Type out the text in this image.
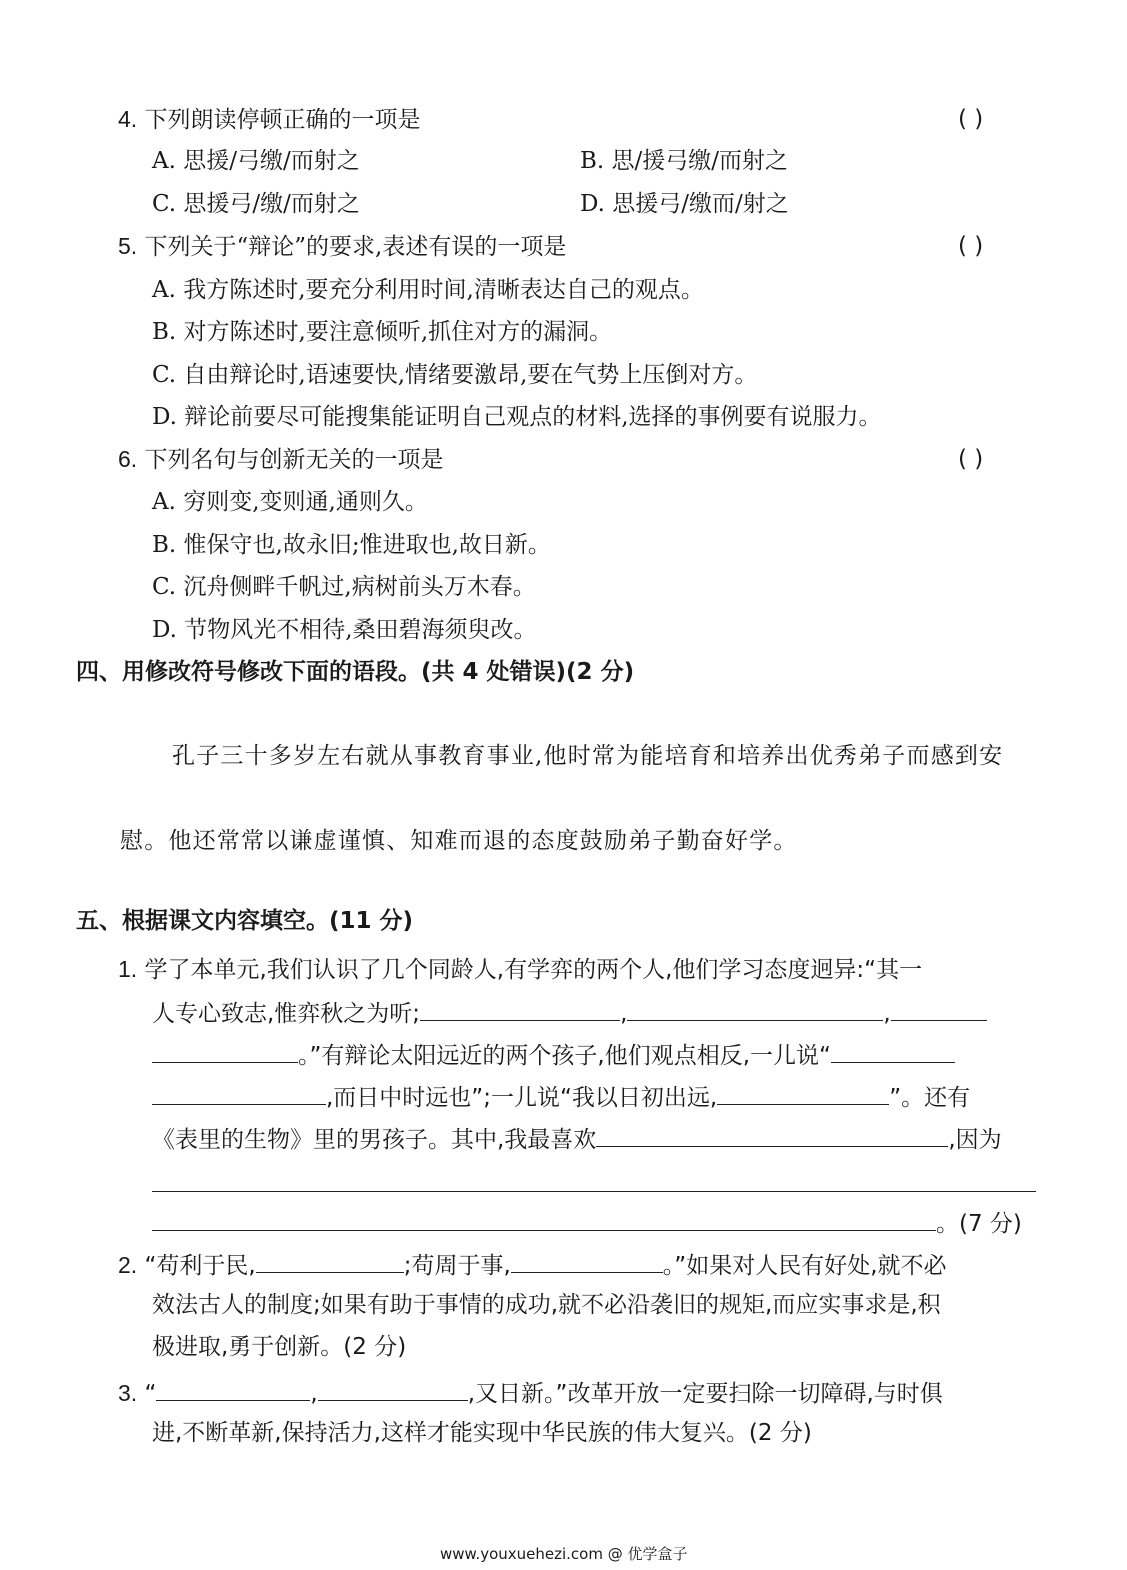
4. 下列朗读停顿正确的一项是	( )
A. 思援/弓缴/而射之	B. 思/援弓缴/而射之
C. 思援弓/缴/而射之	D. 思援弓/缴而/射之
5. 下列关于“辩论”的要求,表述有误的一项是	( )
A. 我方陈述时,要充分利用时间,清晰表达自己的观点。
B. 对方陈述时,要注意倾听,抓住对方的漏洞。
C. 自由辩论时,语速要快,情绪要激昂,要在气势上压倒对方。
D. 辩论前要尽可能搜集能证明自己观点的材料,选择的事例要有说服力。
6. 下列名句与创新无关的一项是	( )
A. 穷则变,变则通,通则久。
B. 惟保守也,故永旧;惟进取也,故日新。
C. 沉舟侧畔千帆过,病树前头万木春。
D. 节物风光不相待,桑田碧海须臾改。
四、用修改符号修改下面的语段。(共 4 处错误)(2 分)
孔子三十多岁左右就从事教育事业,他时常为能培育和培养出优秀弟子而感到安
慰。他还常常以谦虚谨慎、知难而退的态度鼓励弟子勤奋好学。
五、根据课文内容填空。(11 分)
1. 学了本单元,我们认识了几个同龄人,有学弈的两个人,他们学习态度迥异:“其一
人专心致志,惟弈秋之为听;	,	,
。”有辩论太阳远近的两个孩子,他们观点相反,一儿说“
,而日中时远也”;一儿说“我以日初出远,	”。还有
《表里的生物》里的男孩子。其中,我最喜欢	,因为
。(7 分)
2. “苟利于民,	;苟周于事,	。”如果对人民有好处,就不必
效法古人的制度;如果有助于事情的成功,就不必沿袭旧的规矩,而应实事求是,积
极进取,勇于创新。(2 分)
3. “	,	,又日新。”改革开放一定要扫除一切障碍,与时俱
进,不断革新,保持活力,这样才能实现中华民族的伟大复兴。(2 分)
www.youxuehezi.com @ 优学盒子
